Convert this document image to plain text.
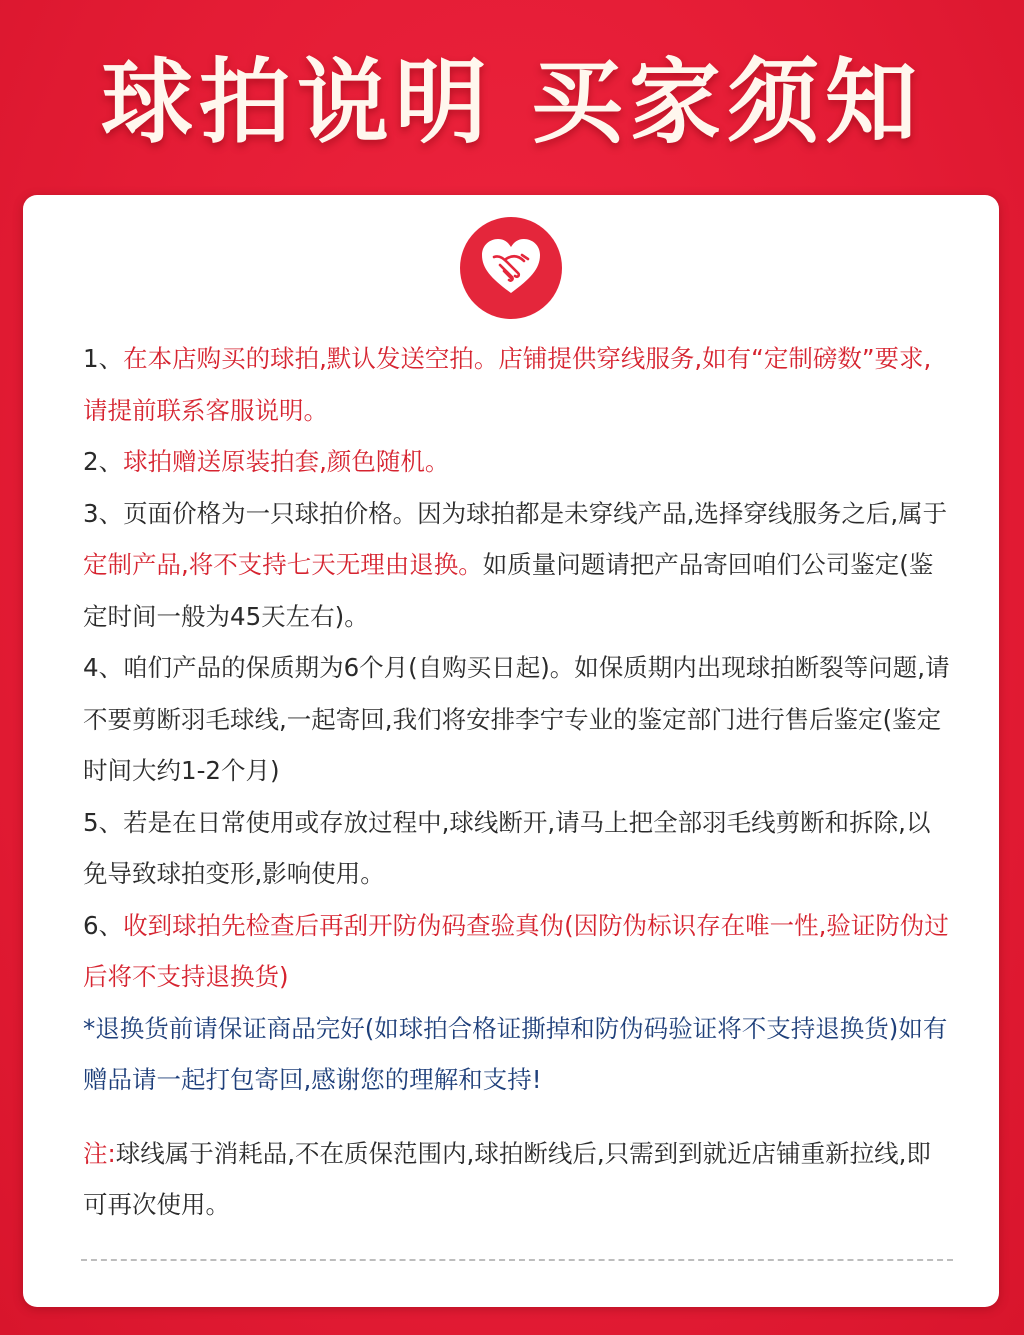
球拍说明 买家须知

1、在本店购买的球拍,默认发送空拍。店铺提供穿线服务,如有“定制磅数”要求,请提前联系客服说明。

2、球拍赠送原装拍套,颜色随机。

3、页面价格为一只球拍价格。因为球拍都是未穿线产品,选择穿线服务之后,属于定制产品,将不支持七天无理由退换。如质量问题请把产品寄回咱们公司鉴定(鉴定时间一般为45天左右)。

4、咱们产品的保质期为6个月(自购买日起)。如保质期内出现球拍断裂等问题,请不要剪断羽毛球线,一起寄回,我们将安排李宁专业的鉴定部门进行售后鉴定(鉴定时间大约1-2个月)

5、若是在日常使用或存放过程中,球线断开,请马上把全部羽毛线剪断和拆除,以免导致球拍变形,影响使用。

6、收到球拍先检查后再刮开防伪码查验真伪(因防伪标识存在唯一性,验证防伪过后将不支持退换货)

*退换货前请保证商品完好(如球拍合格证撕掉和防伪码验证将不支持退换货)如有赠品请一起打包寄回,感谢您的理解和支持!

注:球线属于消耗品,不在质保范围内,球拍断线后,只需到到就近店铺重新拉线,即可再次使用。
